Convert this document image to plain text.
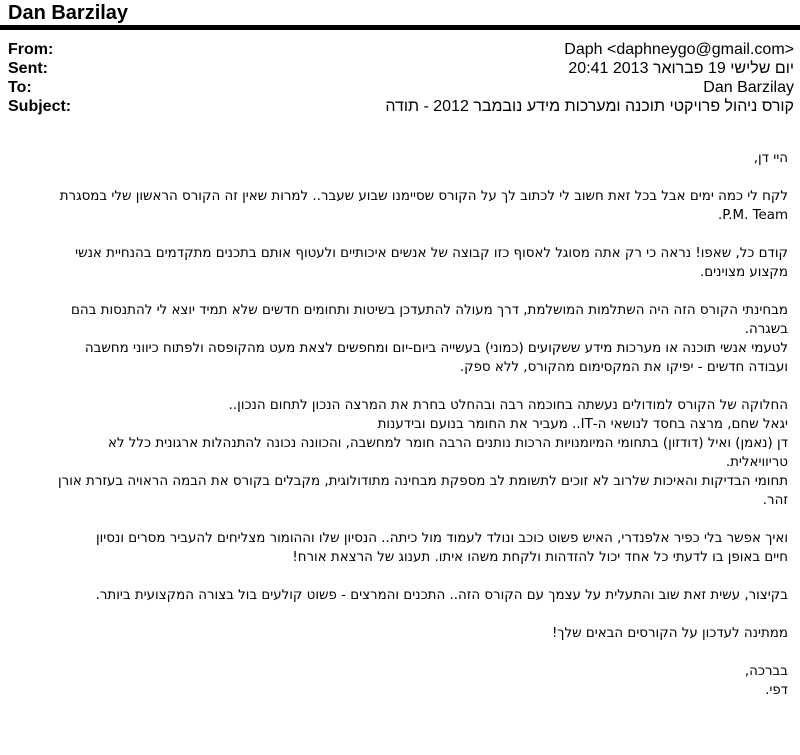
Dan Barzilay
From:	Daph <daphneygo@gmail.com>
Sent:	יום שלישי 19 פברואר 2013 20:41
To:	Dan Barzilay
Subject:	קורס ניהול פרויקטי תוכנה ומערכות מידע נובמבר 2012 - תודה

היי דן,

לקח לי כמה ימים אבל בכל זאת חשוב לי לכתוב לך על הקורס שסיימנו שבוע שעבר.. למרות שאין זה הקורס הראשון שלי במסגרת

P.M. Team.

קודם כל, שאפו! נראה כי רק אתה מסוגל לאסוף כזו קבוצה של אנשים איכותיים ולעטוף אותם בתכנים מתקדמים בהנחיית אנשי

מקצוע מצוינים.

מבחינתי הקורס הזה היה השתלמות המושלמת, דרך מעולה להתעדכן בשיטות ותחומים חדשים שלא תמיד יוצא לי להתנסות בהם

בשגרה.

לטעמי אנשי תוכנה או מערכות מידע ששקועים (כמוני) בעשייה ביום-יום ומחפשים לצאת מעט מהקופסה ולפתוח כיווני מחשבה

ועבודה חדשים - יפיקו את המקסימום מהקורס, ללא ספק.

החלוקה של הקורס למודולים נעשתה בחוכמה רבה ובהחלט בחרת את המרצה הנכון לתחום הנכון..

יגאל שחם, מרצה בחסד לנושאי ה-IT.. מעביר את החומר בנועם ובידענות

דן (נאמן) ואיל (דודזון) בתחומי המיומנויות הרכות נותנים הרבה חומר למחשבה, והכוונה נכונה להתנהלות ארגונית כלל לא

טריוויאלית.

תחומי הבדיקות והאיכות שלרוב לא זוכים לתשומת לב מספקת מבחינה מתודולוגית, מקבלים בקורס את הבמה הראויה בעזרת אורן

זהר.

ואיך אפשר בלי כפיר אלפנדרי, האיש פשוט כוכב ונולד לעמוד מול כיתה.. הנסיון שלו וההומור מצליחים להעביר מסרים ונסיון

חיים באופן בו לדעתי כל אחד יכול להזדהות ולקחת משהו איתו. תענוג של הרצאת אורח!

בקיצור, עשית זאת שוב והתעלית על עצמך עם הקורס הזה.. התכנים והמרצים - פשוט קולעים בול בצורה המקצועית ביותר.

ממתינה לעדכון על הקורסים הבאים שלך!

בברכה,

דפי.
